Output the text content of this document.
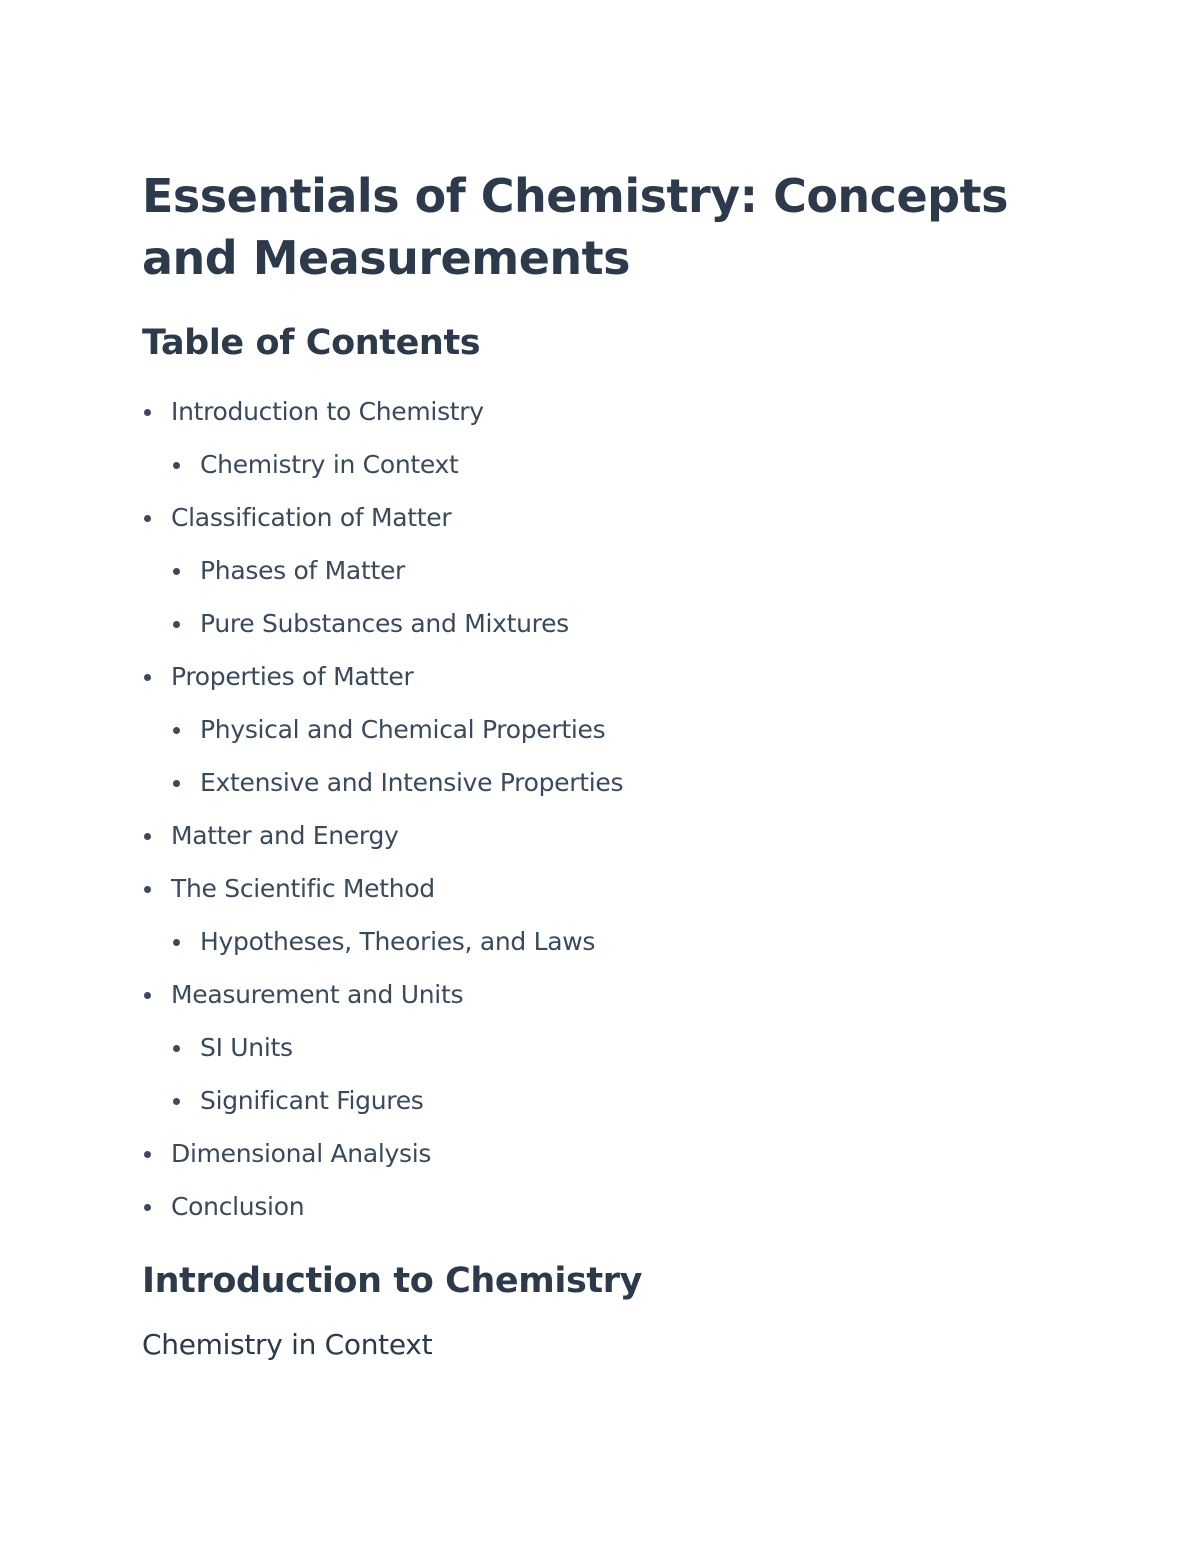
Essentials of Chemistry: Concepts and Measurements
Table of Contents
Introduction to Chemistry
Chemistry in Context
Classification of Matter
Phases of Matter
Pure Substances and Mixtures
Properties of Matter
Physical and Chemical Properties
Extensive and Intensive Properties
Matter and Energy
The Scientific Method
Hypotheses, Theories, and Laws
Measurement and Units
SI Units
Significant Figures
Dimensional Analysis
Conclusion
Introduction to Chemistry
Chemistry in Context
